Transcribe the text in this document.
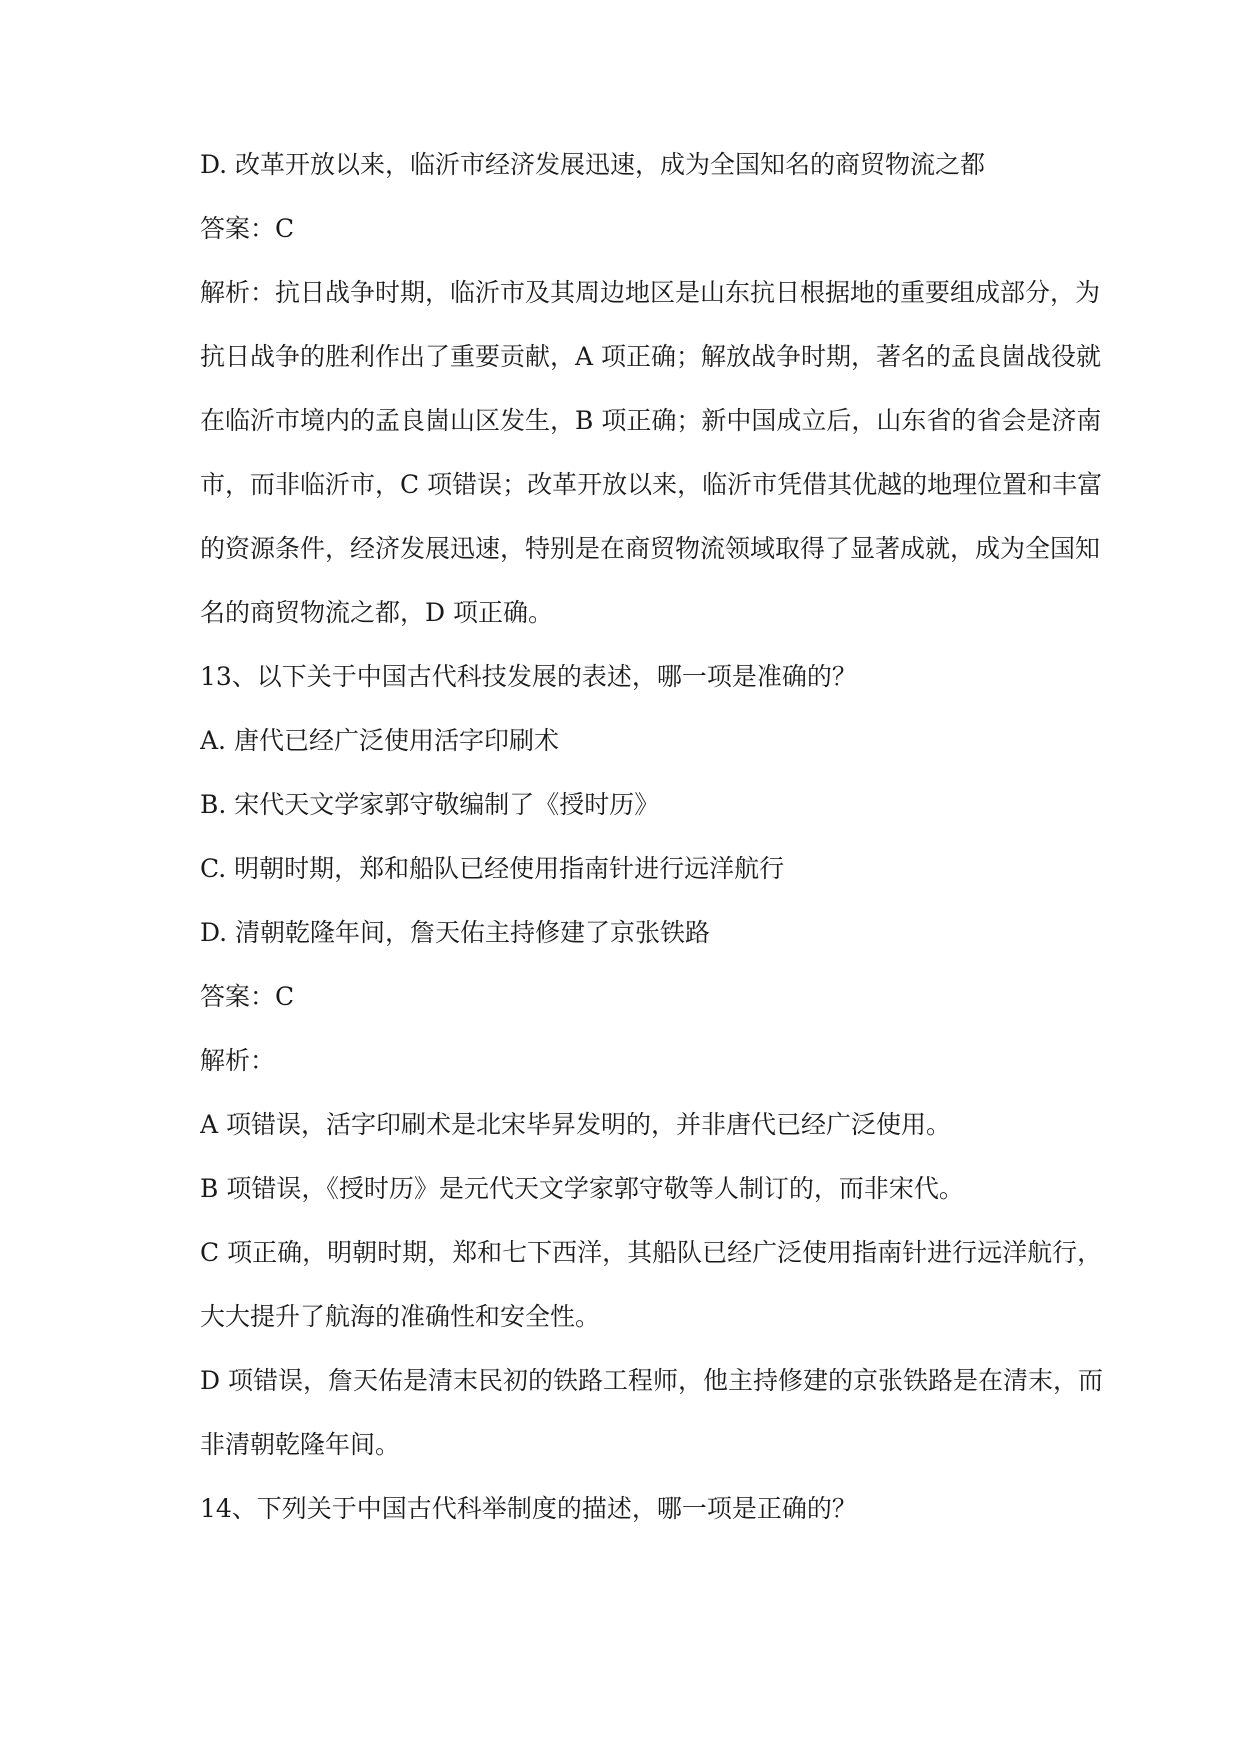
D. 改革开放以来，临沂市经济发展迅速，成为全国知名的商贸物流之都
答案：C
解析：抗日战争时期，临沂市及其周边地区是山东抗日根据地的重要组成部分，为
抗日战争的胜利作出了重要贡献，A 项正确；解放战争时期，著名的孟良崮战役就
在临沂市境内的孟良崮山区发生，B 项正确；新中国成立后，山东省的省会是济南
市，而非临沂市，C 项错误；改革开放以来，临沂市凭借其优越的地理位置和丰富
的资源条件，经济发展迅速，特别是在商贸物流领域取得了显著成就，成为全国知
名的商贸物流之都，D 项正确。
13、以下关于中国古代科技发展的表述，哪一项是准确的？
A. 唐代已经广泛使用活字印刷术
B. 宋代天文学家郭守敬编制了《授时历》
C. 明朝时期，郑和船队已经使用指南针进行远洋航行
D. 清朝乾隆年间，詹天佑主持修建了京张铁路
答案：C
解析：
A 项错误，活字印刷术是北宋毕昇发明的，并非唐代已经广泛使用。
B 项错误，《授时历》是元代天文学家郭守敬等人制订的，而非宋代。
C 项正确，明朝时期，郑和七下西洋，其船队已经广泛使用指南针进行远洋航行，
大大提升了航海的准确性和安全性。
D 项错误，詹天佑是清末民初的铁路工程师，他主持修建的京张铁路是在清末，而
非清朝乾隆年间。
14、下列关于中国古代科举制度的描述，哪一项是正确的？
